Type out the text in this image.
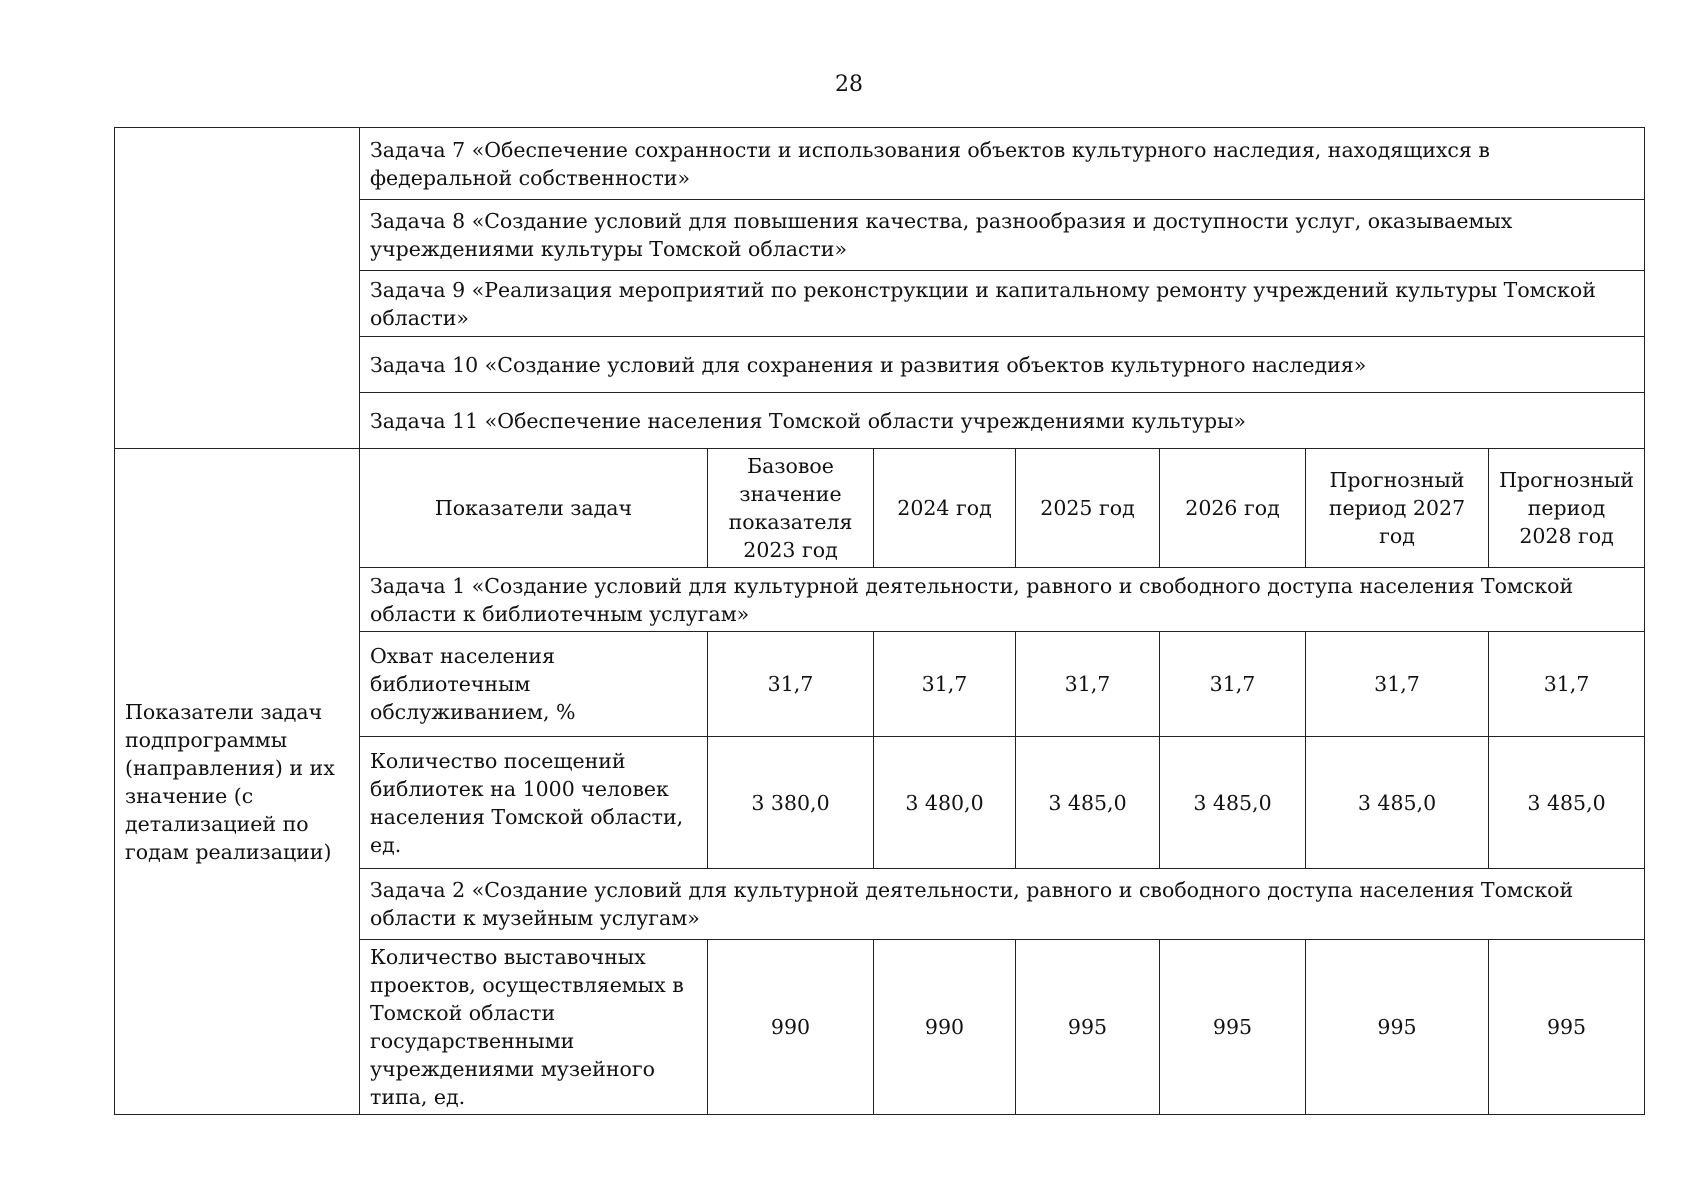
28
	Задача 7 «Обеспечение сохранности и использования объектов культурного наследия, находящихся в федеральной собственности»						
	Задача 8 «Создание условий для повышения качества, разнообразия и доступности услуг, оказываемых учреждениями культуры Томской области»						
	Задача 9 «Реализация мероприятий по реконструкции и капитальному ремонту учреждений культуры Томской области»						
	Задача 10 «Создание условий для сохранения и развития объектов культурного наследия»						
	Задача 11 «Обеспечение населения Томской области учреждениями культуры»						
Показатели задач подпрограммы (направления) и их значение (с детализацией по годам реализации)	Показатели задач	Базовое значение показателя 2023 год	2024 год	2025 год	2026 год	Прогнозный период 2027 год	Прогнозный период 2028 год
	Задача 1 «Создание условий для культурной деятельности, равного и свободного доступа населения Томской области к библиотечным услугам»						
	Охват населения библиотечным обслуживанием, %	31,7	31,7	31,7	31,7	31,7	31,7
	Количество посещений библиотек на 1000 человек населения Томской области, ед.	3 380,0	3 480,0	3 485,0	3 485,0	3 485,0	3 485,0
	Задача 2 «Создание условий для культурной деятельности, равного и свободного доступа населения Томской области к музейным услугам»						
	Количество выставочных проектов, осуществляемых в Томской области государственными учреждениями музейного типа, ед.	990	990	995	995	995	995
